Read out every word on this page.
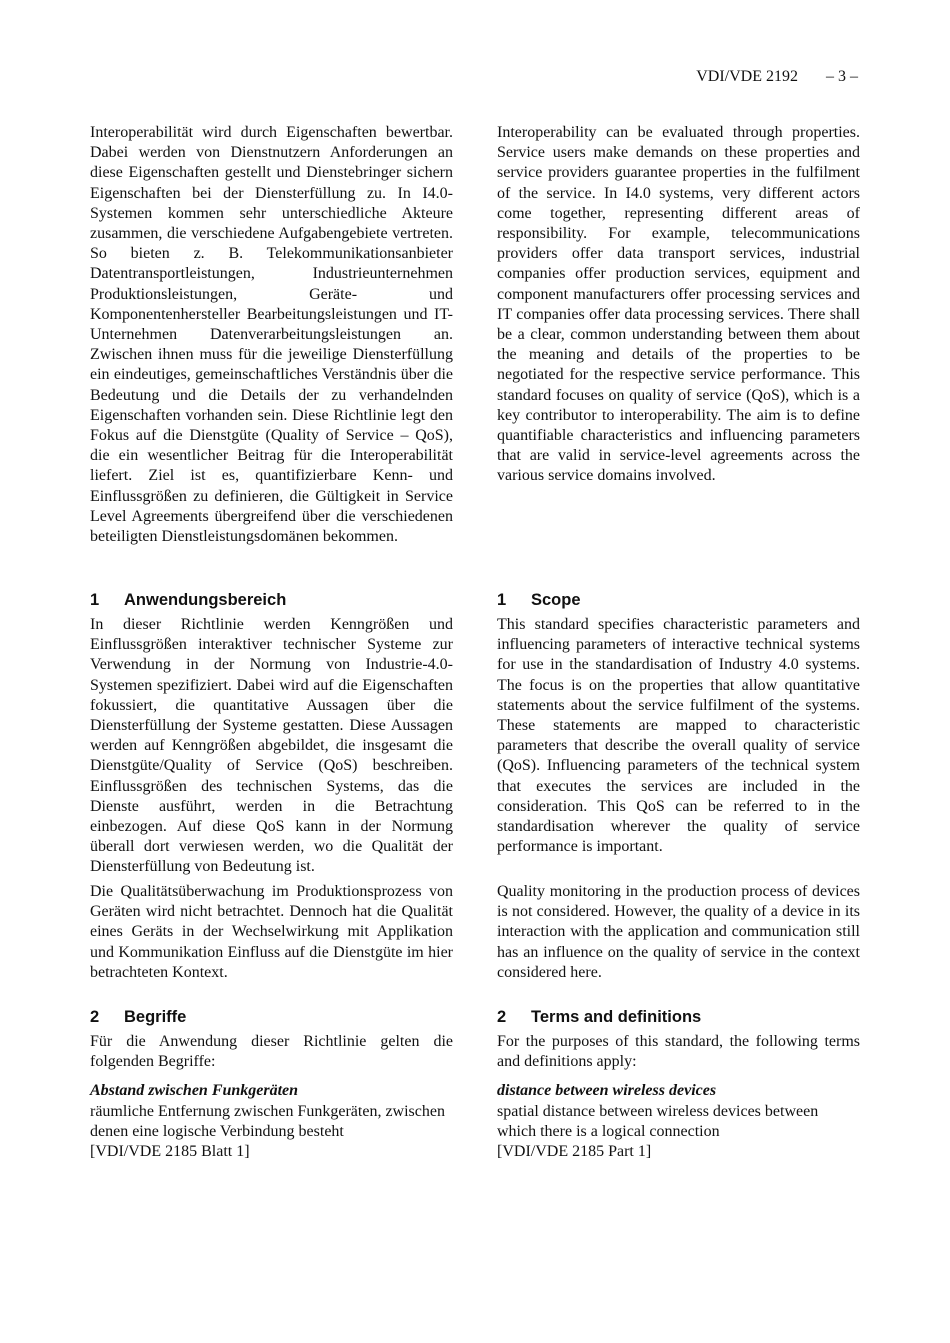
VDI/VDE 2192 – 3 –

Interoperabilität wird durch Eigenschaften bewertbar. Dabei werden von Dienstnutzern Anforderungen an diese Eigenschaften gestellt und Dienstebringer sichern Eigenschaften bei der Diensterfüllung zu. In I4.0-Systemen kommen sehr unterschiedliche Akteure zusammen, die verschiedene Aufgabengebiete vertreten. So bieten z. B. Telekommunikationsanbieter Datentransportleistungen, Industrieunternehmen Produktionsleistungen, Geräte- und Komponentenhersteller Bearbeitungsleistungen und IT-Unternehmen Datenverarbeitungsleistungen an. Zwischen ihnen muss für die jeweilige Diensterfüllung ein eindeutiges, gemeinschaftliches Verständnis über die Bedeutung und die Details der zu verhandelnden Eigenschaften vorhanden sein. Diese Richtlinie legt den Fokus auf die Dienstgüte (Quality of Service – QoS), die ein wesentlicher Beitrag für die Interoperabilität liefert. Ziel ist es, quantifizierbare Kenn- und Einflussgrößen zu definieren, die Gültigkeit in Service Level Agreements übergreifend über die verschiedenen beteiligten Dienstleistungsdomänen bekommen.

1 Anwendungsbereich

In dieser Richtlinie werden Kenngrößen und Einflussgrößen interaktiver technischer Systeme zur Verwendung in der Normung von Industrie-4.0-Systemen spezifiziert. Dabei wird auf die Eigenschaften fokussiert, die quantitative Aussagen über die Diensterfüllung der Systeme gestatten. Diese Aussagen werden auf Kenngrößen abgebildet, die insgesamt die Dienstgüte/Quality of Service (QoS) beschreiben. Einflussgrößen des technischen Systems, das die Dienste ausführt, werden in die Betrachtung einbezogen. Auf diese QoS kann in der Normung überall dort verwiesen werden, wo die Qualität der Diensterfüllung von Bedeutung ist.

Die Qualitätsüberwachung im Produktionsprozess von Geräten wird nicht betrachtet. Dennoch hat die Qualität eines Geräts in der Wechselwirkung mit Applikation und Kommunikation Einfluss auf die Dienstgüte im hier betrachteten Kontext.

2 Begriffe

Für die Anwendung dieser Richtlinie gelten die folgenden Begriffe:

Abstand zwischen Funkgeräten

räumliche Entfernung zwischen Funkgeräten, zwischen denen eine logische Verbindung besteht

[VDI/VDE 2185 Blatt 1]

Interoperability can be evaluated through properties. Service users make demands on these properties and service providers guarantee properties in the fulfilment of the service. In I4.0 systems, very different actors come together, representing different areas of responsibility. For example, telecommunications providers offer data transport services, industrial companies offer production services, equipment and component manufacturers offer processing services and IT companies offer data processing services. There shall be a clear, common understanding between them about the meaning and details of the properties to be negotiated for the respective service performance. This standard focuses on quality of service (QoS), which is a key contributor to interoperability. The aim is to define quantifiable characteristics and influencing parameters that are valid in service-level agreements across the various service domains involved.

1 Scope

This standard specifies characteristic parameters and influencing parameters of interactive technical systems for use in the standardisation of Industry 4.0 systems. The focus is on the properties that allow quantitative statements about the service fulfilment of the systems. These statements are mapped to characteristic parameters that describe the overall quality of service (QoS). Influencing parameters of the technical system that executes the services are included in the consideration. This QoS can be referred to in the standardisation wherever the quality of service performance is important.

Quality monitoring in the production process of devices is not considered. However, the quality of a device in its interaction with the application and communication still has an influence on the quality of service in the context considered here.

2 Terms and definitions

For the purposes of this standard, the following terms and definitions apply:

distance between wireless devices

spatial distance between wireless devices between which there is a logical connection

[VDI/VDE 2185 Part 1]
